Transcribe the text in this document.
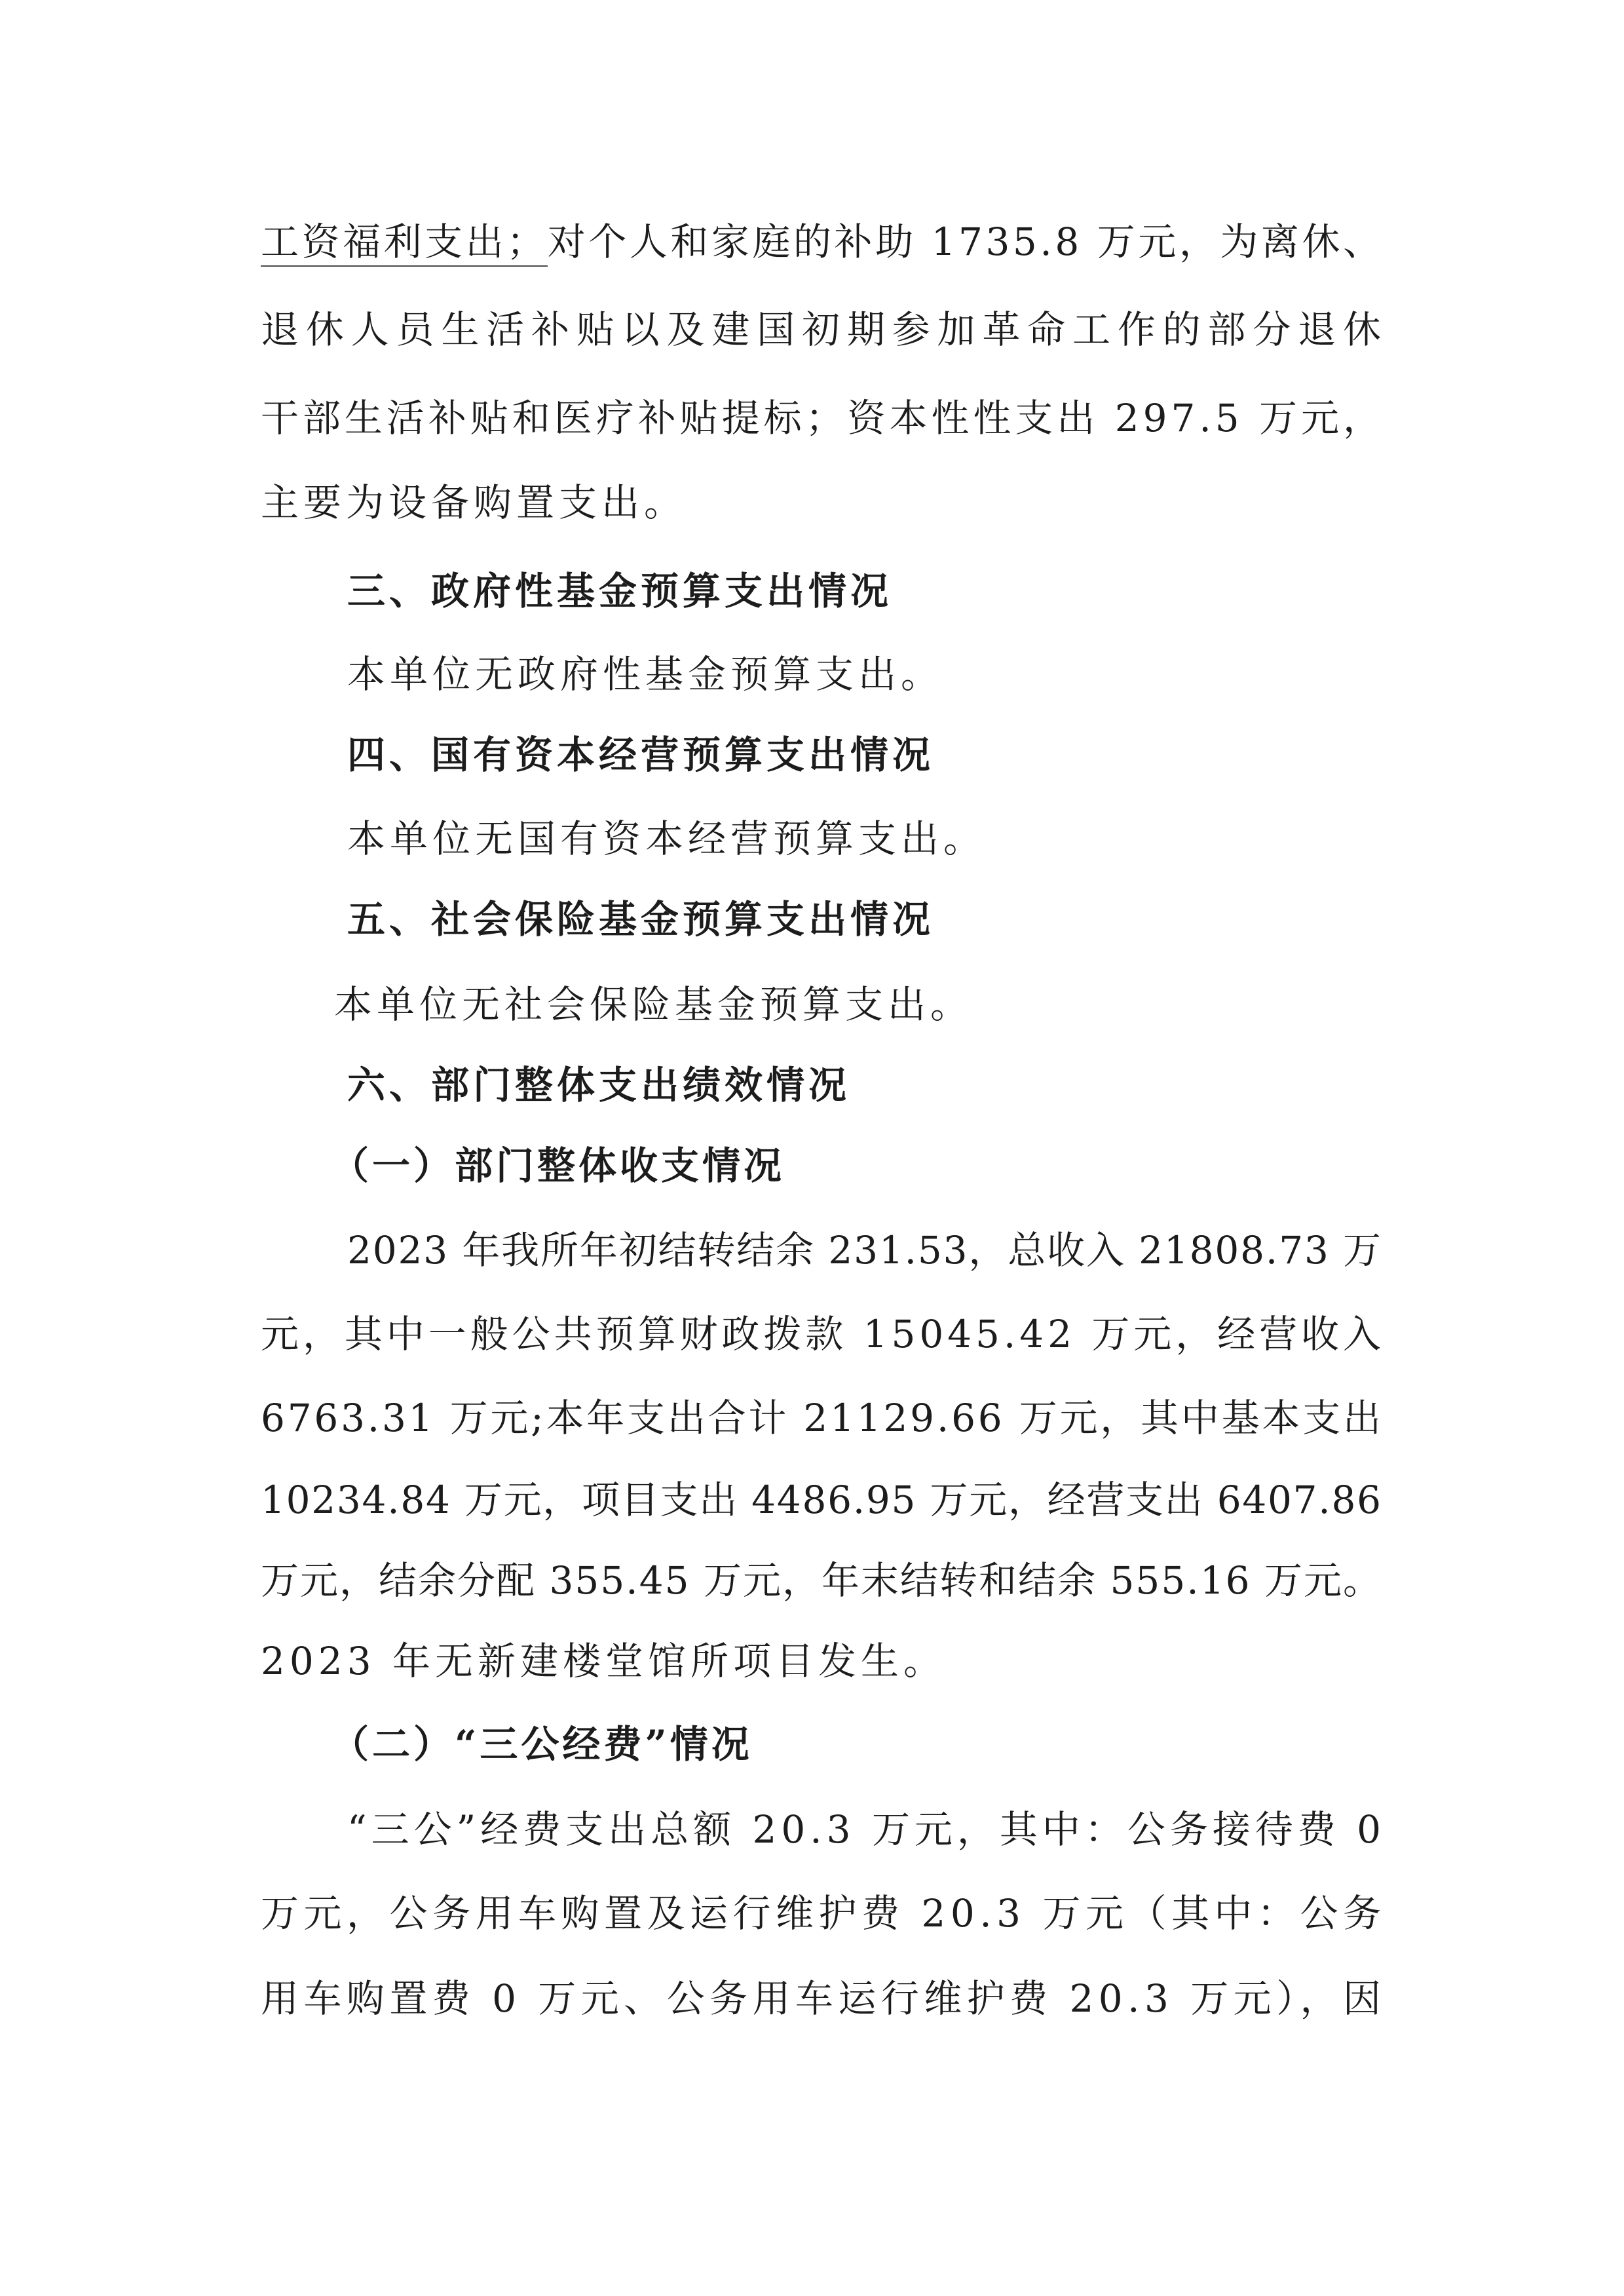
工资福利支出；对个人和家庭的补助 1735.8 万元，为离休、
退休人员生活补贴以及建国初期参加革命工作的部分退休
干部生活补贴和医疗补贴提标；资本性性支出 297.5 万元，
主要为设备购置支出。
三、政府性基金预算支出情况
本单位无政府性基金预算支出。
四、国有资本经营预算支出情况
本单位无国有资本经营预算支出。
五、社会保险基金预算支出情况
本单位无社会保险基金预算支出。
六、部门整体支出绩效情况
（一）部门整体收支情况
2023 年我所年初结转结余 231.53，总收入 21808.73 万
元，其中一般公共预算财政拨款 15045.42 万元，经营收入
6763.31 万元;本年支出合计 21129.66 万元，其中基本支出
10234.84 万元，项目支出 4486.95 万元，经营支出 6407.86
万元，结余分配 355.45 万元，年末结转和结余 555.16 万元。
2023 年无新建楼堂馆所项目发生。
（二）“三公经费”情况
“三公”经费支出总额 20.3 万元，其中：公务接待费 0
万元，公务用车购置及运行维护费 20.3 万元（其中：公务
用车购置费 0 万元、公务用车运行维护费 20.3 万元），因
